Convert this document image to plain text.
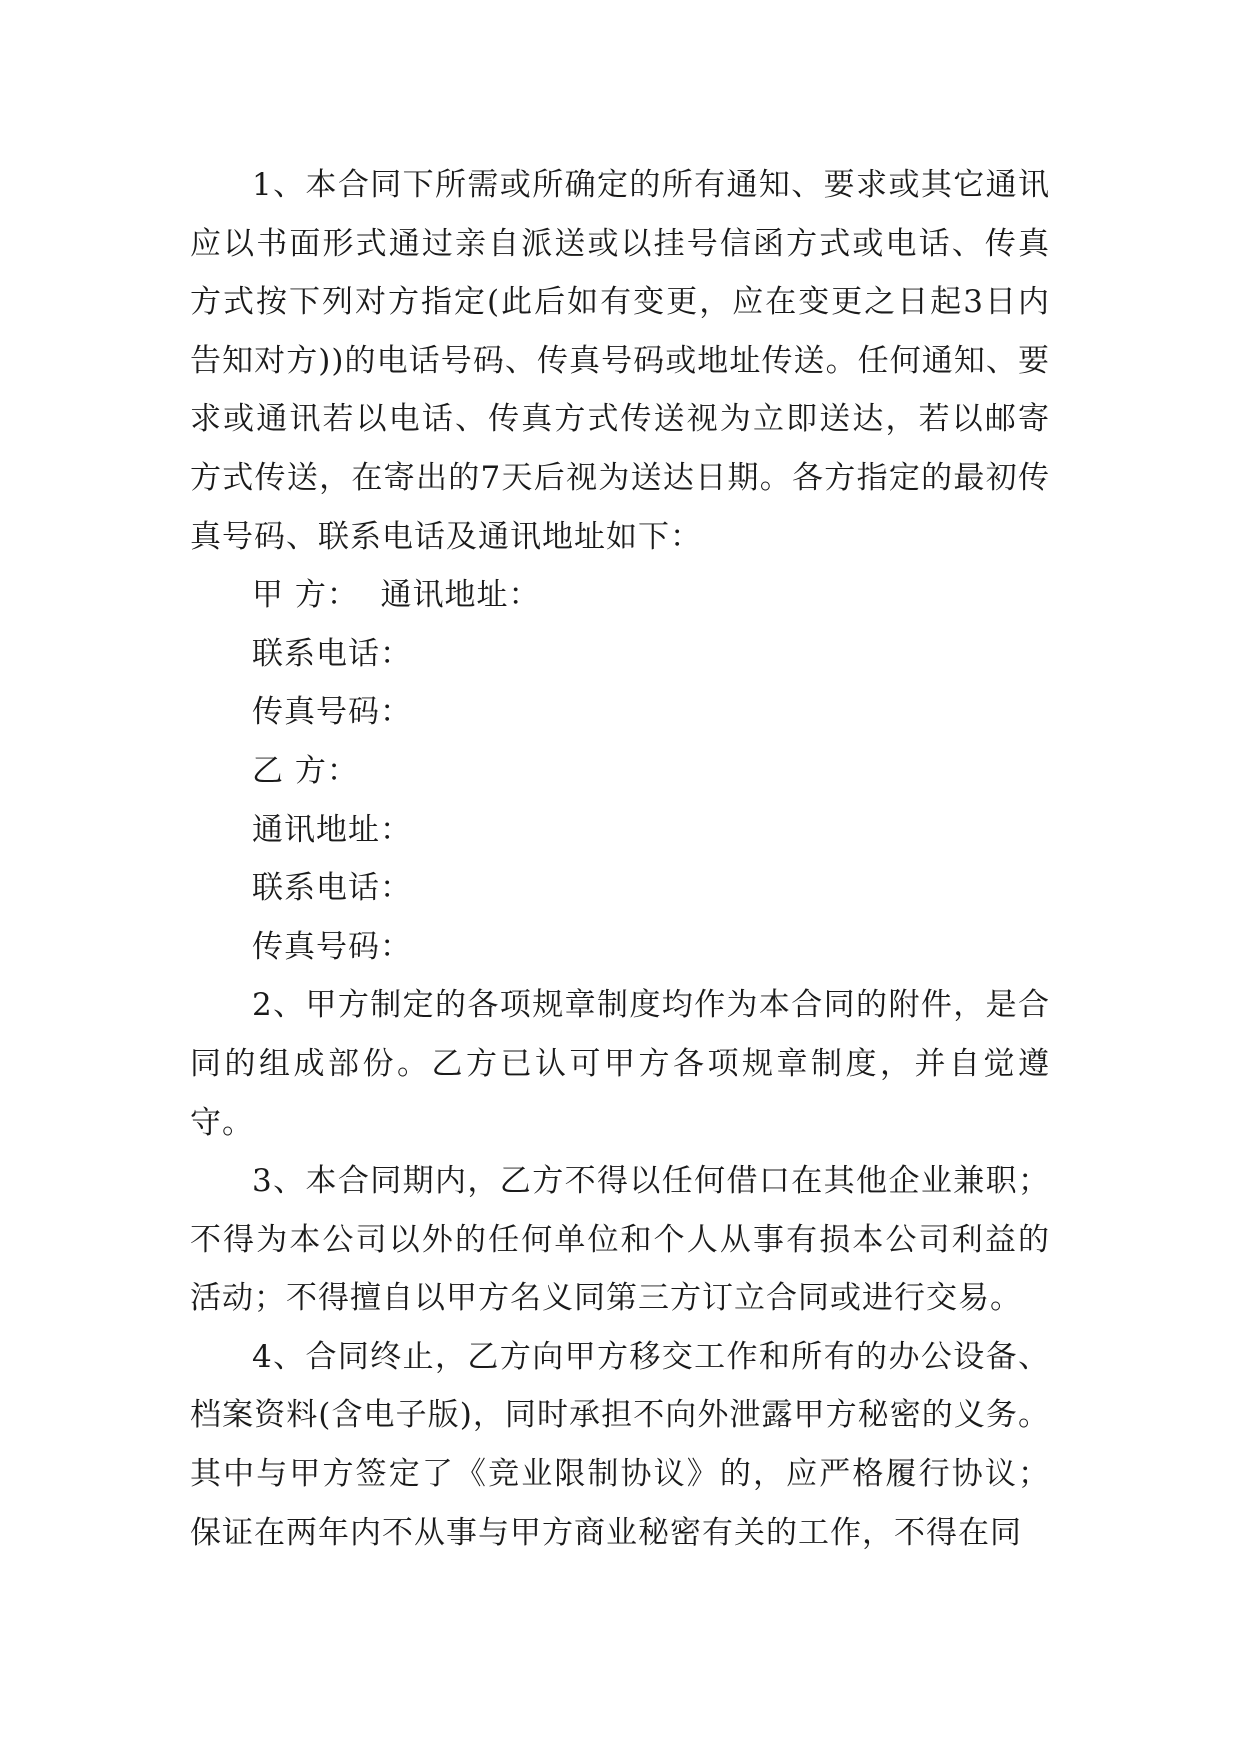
1、本合同下所需或所确定的所有通知、要求或其它通讯应以书面形式通过亲自派送或以挂号信函方式或电话、传真方式按下列对方指定(此后如有变更，应在变更之日起3日内告知对方))的电话号码、传真号码或地址传送。任何通知、要求或通讯若以电话、传真方式传送视为立即送达，若以邮寄方式传送，在寄出的7天后视为送达日期。各方指定的最初传真号码、联系电话及通讯地址如下：

甲 方：  通讯地址：

联系电话：

传真号码：

乙 方：

通讯地址：

联系电话：

传真号码：

2、甲方制定的各项规章制度均作为本合同的附件，是合同的组成部份。乙方已认可甲方各项规章制度，并自觉遵守。

3、本合同期内，乙方不得以任何借口在其他企业兼职；不得为本公司以外的任何单位和个人从事有损本公司利益的活动；不得擅自以甲方名义同第三方订立合同或进行交易。

4、合同终止，乙方向甲方移交工作和所有的办公设备、档案资料(含电子版)，同时承担不向外泄露甲方秘密的义务。其中与甲方签定了《竞业限制协议》的，应严格履行协议；保证在两年内不从事与甲方商业秘密有关的工作，不得在同
